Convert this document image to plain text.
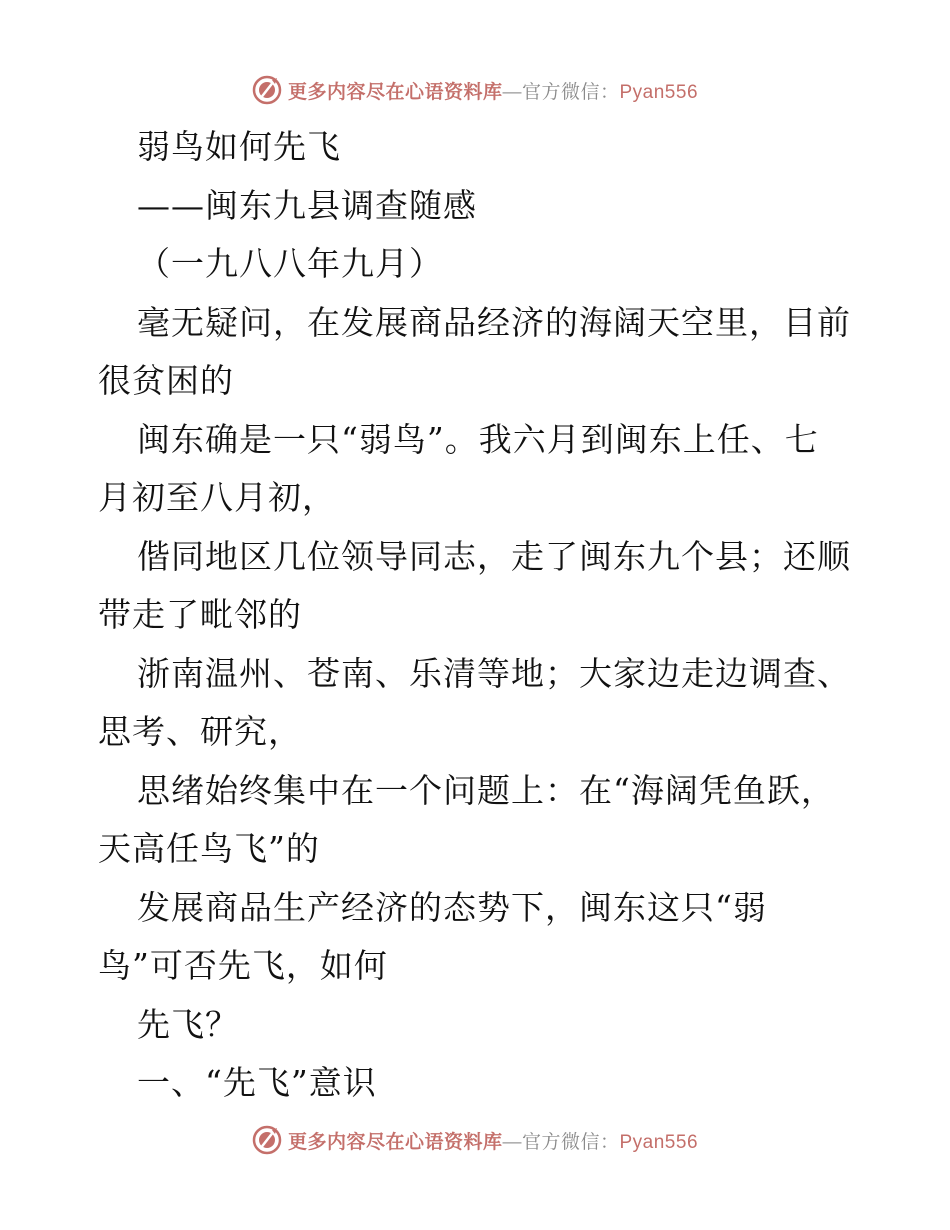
更多内容尽在心语资料库—官方微信：Pyan556
弱鸟如何先飞
——闽东九县调查随感
（一九八八年九月）
毫无疑问，在发展商品经济的海阔天空里，目前
很贫困的
闽东确是一只“弱鸟”。我六月到闽东上任、七
月初至八月初，
偕同地区几位领导同志，走了闽东九个县；还顺
带走了毗邻的
浙南温州、苍南、乐清等地；大家边走边调查、
思考、研究，
思绪始终集中在一个问题上：在“海阔凭鱼跃，
天高任鸟飞”的
发展商品生产经济的态势下，闽东这只“弱
鸟”可否先飞，如何
先飞？
一、“先飞”意识
更多内容尽在心语资料库—官方微信：Pyan556
